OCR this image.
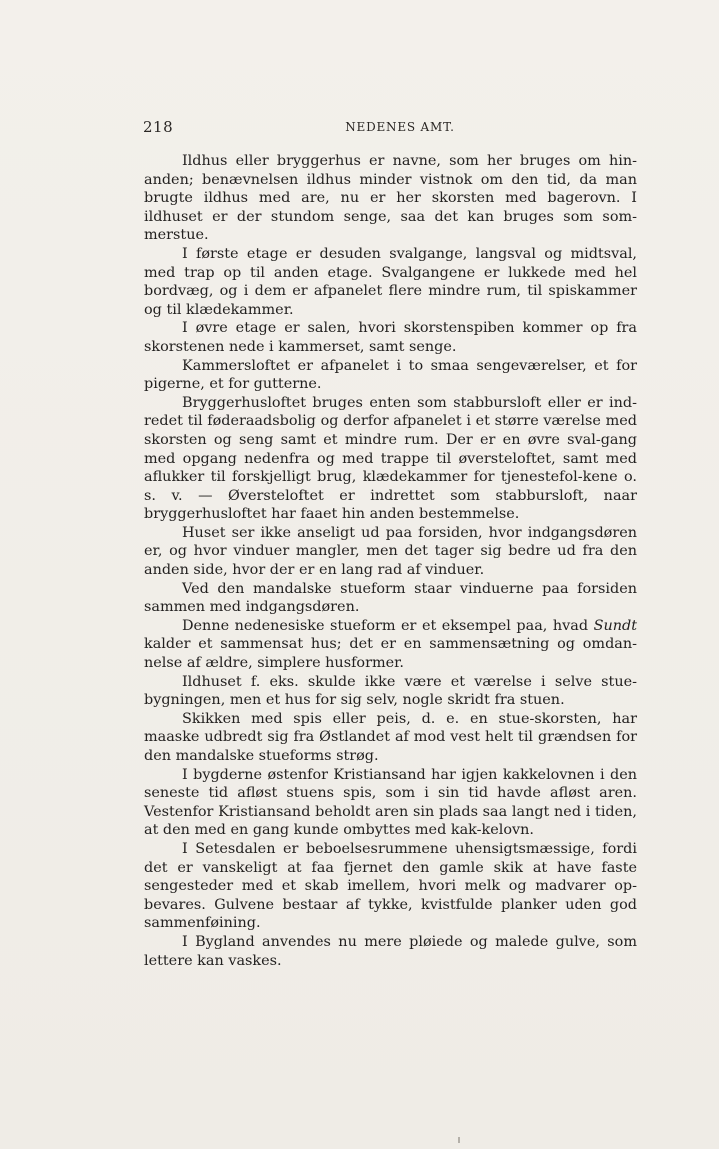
218	NEDENES AMT.

Ildhus eller bryggerhus er navne, som her bruges om hin-anden; benævnelsen ildhus minder vistnok om den tid, da man brugte ildhus med are, nu er her skorsten med bagerovn. I ildhuset er der stundom senge, saa det kan bruges som som-merstue.

I første etage er desuden svalgange, langsval og midtsval, med trap op til anden etage. Svalgangene er lukkede med hel bordvæg, og i dem er afpanelet flere mindre rum, til spiskammer og til klædekammer.

I øvre etage er salen, hvori skorstenspiben kommer op fra skorstenen nede i kammerset, samt senge.

Kammersloftet er afpanelet i to smaa sengeværelser, et for pigerne, et for gutterne.

Bryggerhusloftet bruges enten som stabbursloft eller er ind-redet til føderaadsbolig og derfor afpanelet i et større værelse med skorsten og seng samt et mindre rum. Der er en øvre sval-gang med opgang nedenfra og med trappe til øversteloftet, samt med aflukker til forskjelligt brug, klædekammer for tjenestefol-kene o. s. v. — Øversteloftet er indrettet som stabbursloft, naar bryggerhusloftet har faaet hin anden bestemmelse.

Huset ser ikke anseligt ud paa forsiden, hvor indgangsdøren er, og hvor vinduer mangler, men det tager sig bedre ud fra den anden side, hvor der er en lang rad af vinduer.

Ved den mandalske stueform staar vinduerne paa forsiden sammen med indgangsdøren.

Denne nedenesiske stueform er et eksempel paa, hvad Sundt kalder et sammensat hus; det er en sammensætning og omdan-nelse af ældre, simplere husformer.

Ildhuset f. eks. skulde ikke være et værelse i selve stue-bygningen, men et hus for sig selv, nogle skridt fra stuen.

Skikken med spis eller peis, d. e. en stue-skorsten, har maaske udbredt sig fra Østlandet af mod vest helt til grændsen for den mandalske stueforms strøg.

I bygderne østenfor Kristiansand har igjen kakkelovnen i den seneste tid afløst stuens spis, som i sin tid havde afløst aren. Vestenfor Kristiansand beholdt aren sin plads saa langt ned i tiden, at den med en gang kunde ombyttes med kak-kelovn.

I Setesdalen er beboelsesrummene uhensigtsmæssige, fordi det er vanskeligt at faa fjernet den gamle skik at have faste sengesteder med et skab imellem, hvori melk og madvarer op-bevares. Gulvene bestaar af tykke, kvistfulde planker uden god sammenføining.

I Bygland anvendes nu mere pløiede og malede gulve, som lettere kan vaskes.
